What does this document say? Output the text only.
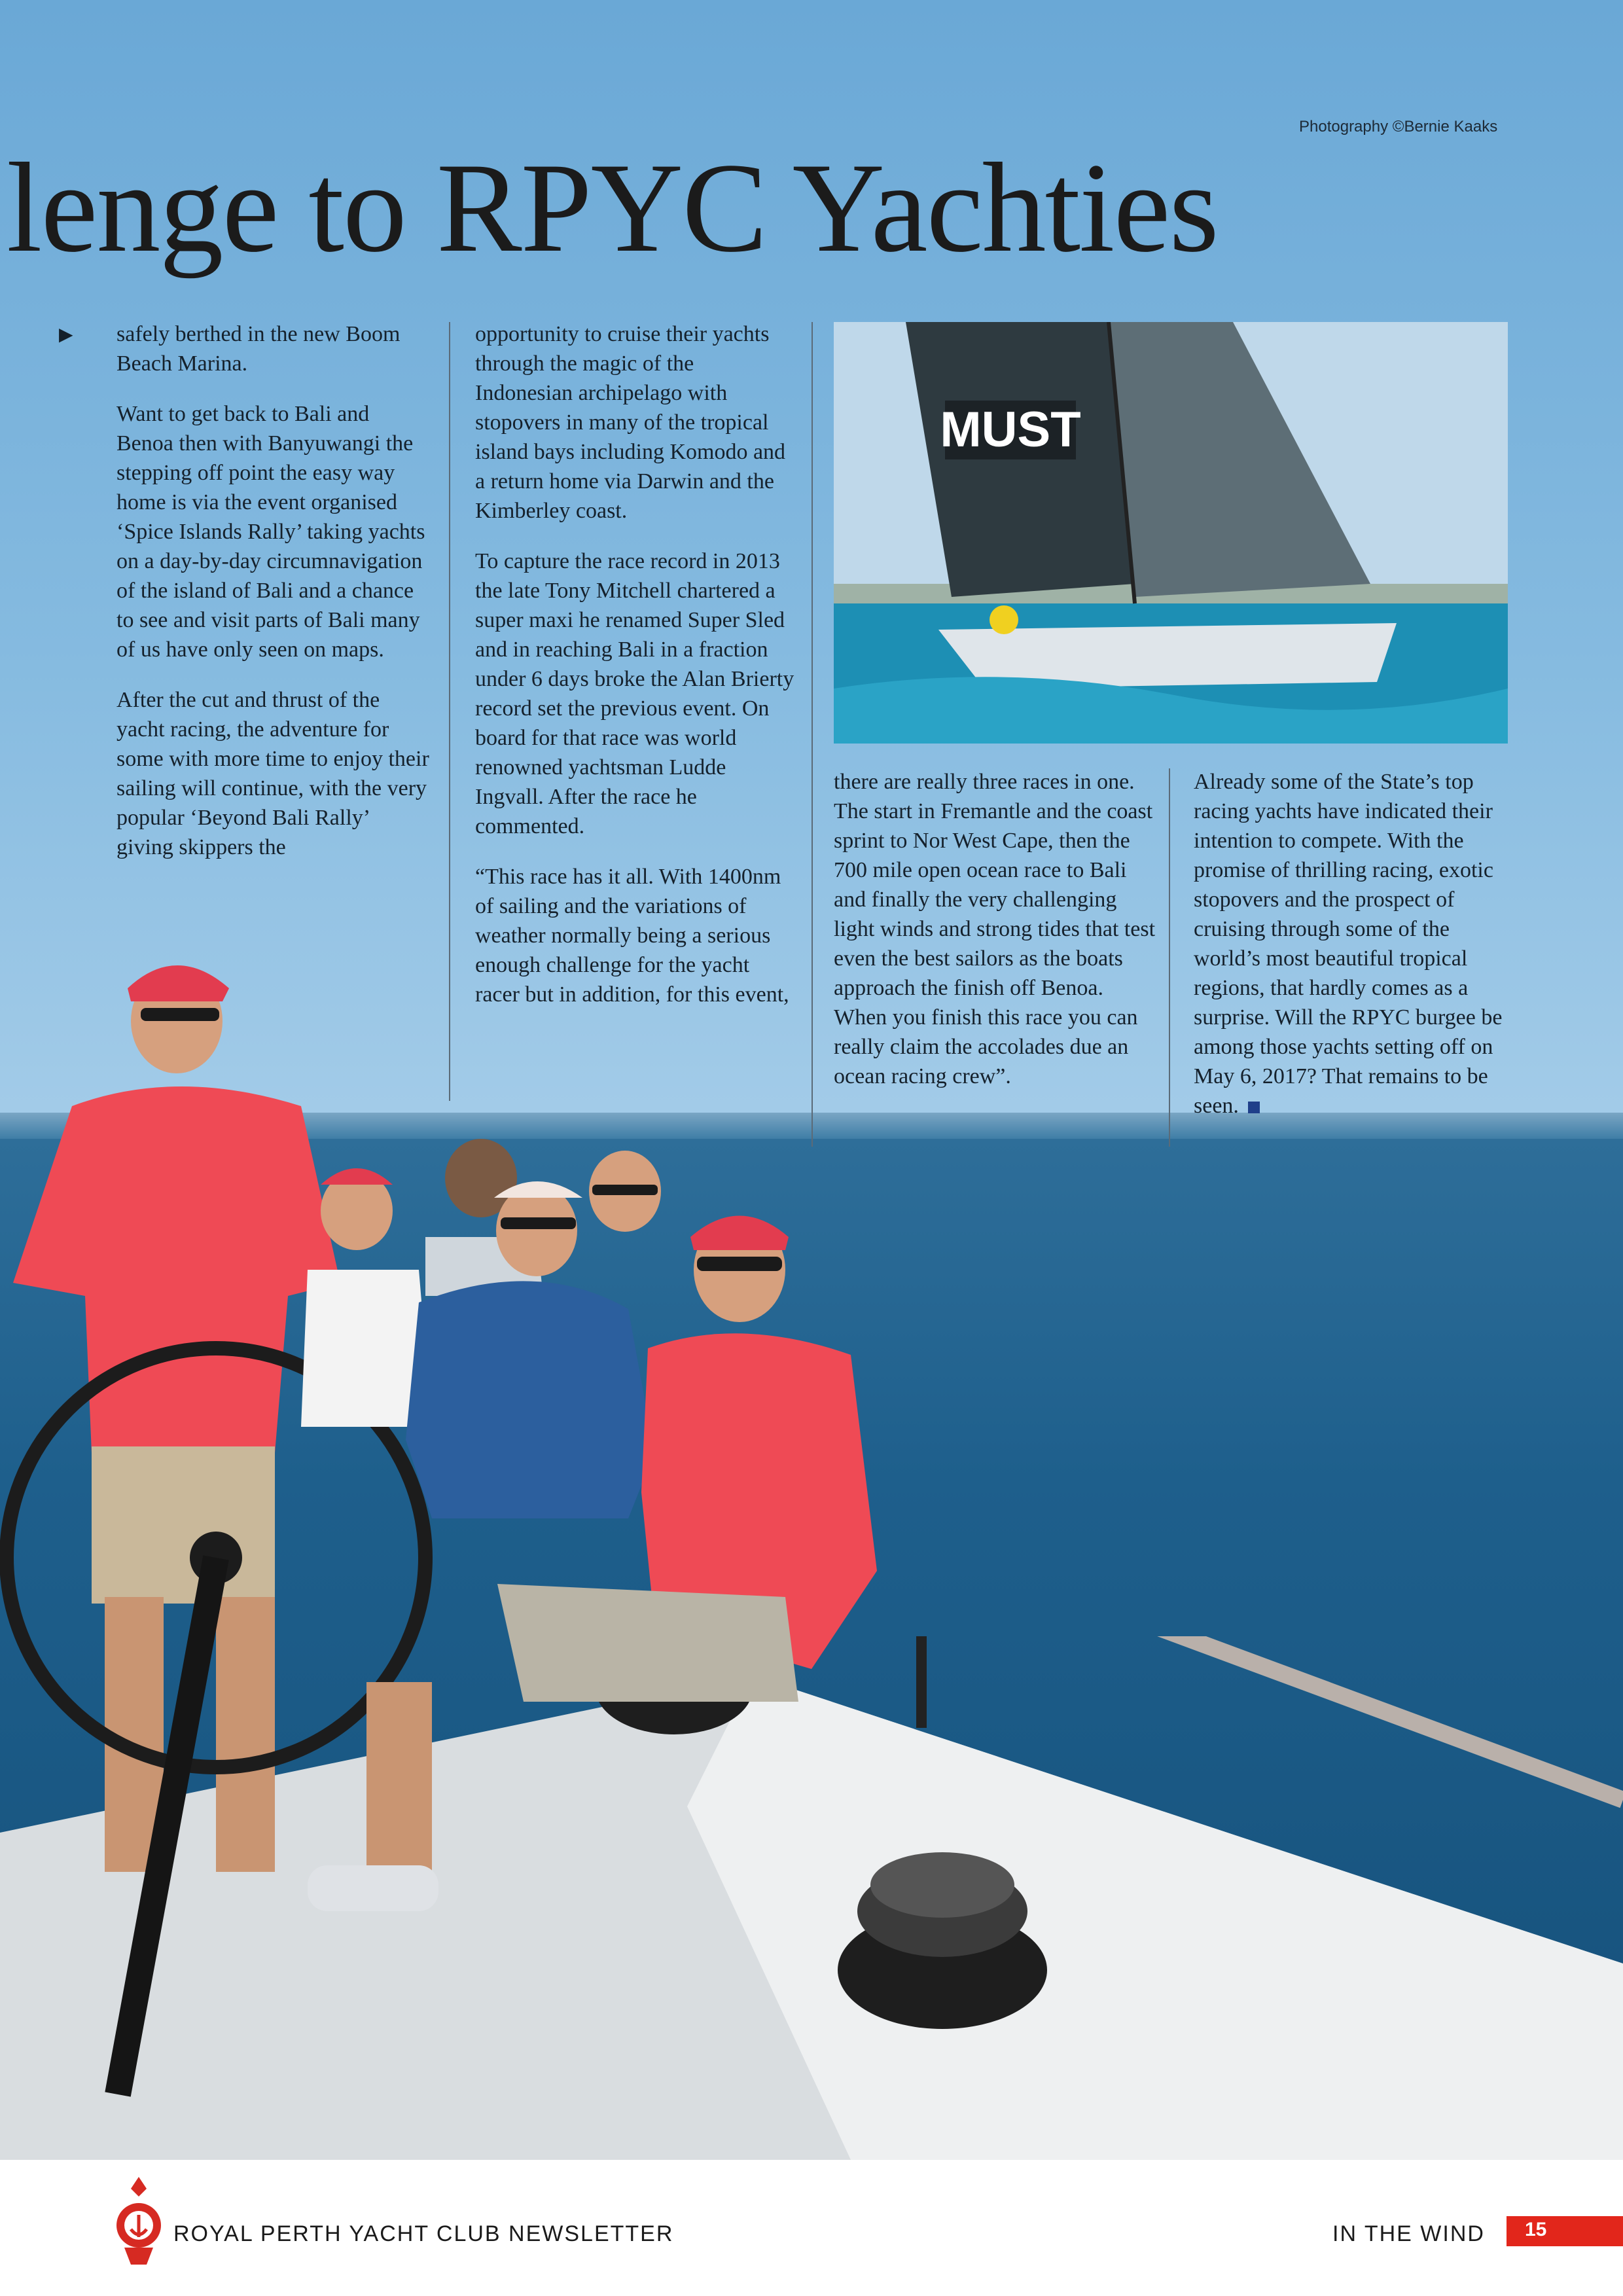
MUST
Photography ©Bernie Kaaks
lenge to RPYC Yachties
▶ safely berthed in the new Boom Beach Marina.

Want to get back to Bali and Benoa then with Banyuwangi the stepping off point the easy way home is via the event organised ‘Spice Islands Rally’ taking yachts on a day-by-day circumnavigation of the island of Bali and a chance to see and visit parts of Bali many of us have only seen on maps.

After the cut and thrust of the yacht racing, the adventure for some with more time to enjoy their sailing will continue, with the very popular ‘Beyond Bali Rally’ giving skippers the

opportunity to cruise their yachts through the magic of the Indonesian archipelago with stopovers in many of the tropical island bays including Komodo and a return home via Darwin and the Kimberley coast.

To capture the race record in 2013 the late Tony Mitchell chartered a super maxi he renamed Super Sled and in reaching Bali in a fraction under 6 days broke the Alan Brierty record set the previous event. On board for that race was world renowned yachtsman Ludde Ingvall. After the race he commented.

“This race has it all. With 1400nm of sailing and the variations of weather normally being a serious enough challenge for the yacht racer but in addition, for this event,

there are really three races in one. The start in Fremantle and the coast sprint to Nor West Cape, then the 700 mile open ocean race to Bali and finally the very challenging light winds and strong tides that test even the best sailors as the boats approach the finish off Benoa. When you finish this race you can really claim the accolades due an ocean racing crew”.

Already some of the State’s top racing yachts have indicated their intention to compete. With the promise of thrilling racing, exotic stopovers and the prospect of cruising through some of the world’s most beautiful tropical regions, that hardly comes as a surprise. Will the RPYC burgee be among those yachts setting off on May 6, 2017? That remains to be seen.

ROYAL PERTH YACHT CLUB NEWSLETTER	IN THE WIND 15
